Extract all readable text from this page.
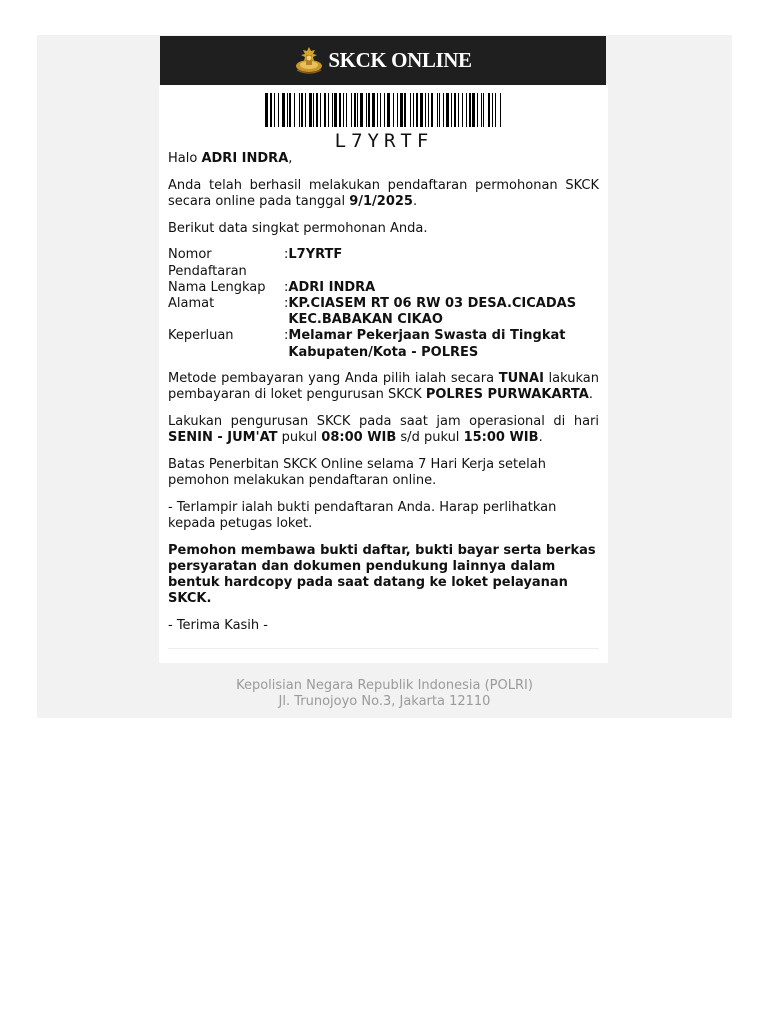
SKCK ONLINE
L7YRTF

Halo ADRI INDRA,

Anda telah berhasil melakukan pendaftaran permohonan SKCK secara online pada tanggal 9/1/2025.

Berikut data singkat permohonan Anda.

Nomor Pendaftaran	:	L7YRTF
Nama Lengkap	:	ADRI INDRA
Alamat	:	KP.CIASEM RT 06 RW 03 DESA.CICADAS KEC.BABAKAN CIKAO
Keperluan	:	Melamar Pekerjaan Swasta di Tingkat Kabupaten/Kota - POLRES

Metode pembayaran yang Anda pilih ialah secara TUNAI lakukan pembayaran di loket pengurusan SKCK POLRES PURWAKARTA.

Lakukan pengurusan SKCK pada saat jam operasional di hari SENIN - JUM'AT pukul 08:00 WIB s/d pukul 15:00 WIB.

Batas Penerbitan SKCK Online selama 7 Hari Kerja setelah pemohon melakukan pendaftaran online.

- Terlampir ialah bukti pendaftaran Anda. Harap perlihatkan kepada petugas loket.

Pemohon membawa bukti daftar, bukti bayar serta berkas persyaratan dan dokumen pendukung lainnya dalam bentuk hardcopy pada saat datang ke loket pelayanan SKCK.

- Terima Kasih -

Kepolisian Negara Republik Indonesia (POLRI)
Jl. Trunojoyo No.3, Jakarta 12110
